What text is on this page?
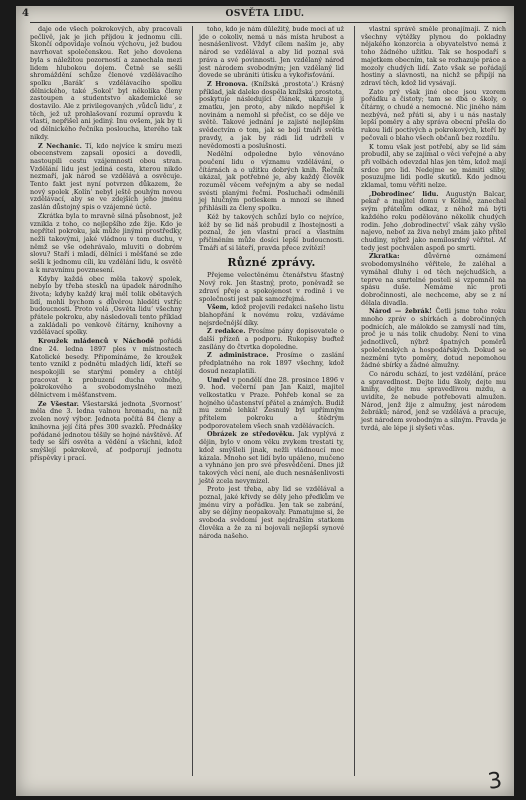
4	OSVĚTA LIDU.

daje ode všech pokrokových, aby pracovali pečlivě, jak je jich příjdou k jednomu cíli. Skončí odpovídaje volnou výchovu, jež budou navrhovat společenskou. Ret jeho dovolena byla s náležitou pozorností a zanechala mezi lidem hlubokou dojem. Četně se sešli shromáždění schůze členové vzdělávacího spolku ‚Barák‘ s vzdělávacího spolku dělnického, také ‚Sokol‘ byl několika členy zastoupen a studentstvo akademické se dostavilo. Ale z privilegovaných ‚vůdců lidu‘, z těch, jež už prohlašovaní rozumí opravdu k vlasti, nepřišel ani jediný. Inu ovšem, jak by ti od dělnického řečníka posloucha, kterého tak nikdy.

Z Nechanic. Tí, kdo nejvíce k smíru mezi obecenstvem zapsali oposici a dovedli, nastoupili cestu vzájemnosti obou stran. Vzdělání lidu jest jediná cesta, kterou nikdo nezmaří, jak národ se vzdělává a osvěcuje. Tento fakt jest nyní potvrzen důkazem, že nový spolek ‚Kolín‘ nebyl ještě pouhým novou vzdělávací, aby se ve zdejších jeho jménu zaslán důstojný spis o vzájemné úctě.

Zkrátka byla to mravně silná působnost, jež vznikla z toho, co nejlepšího zde žije. Kdo je nepřítel pokroku, jak může jinými prostředky, nežli takovými, jaké vládnou v tom duchu, v němž se vše odehrávalo, mluviti o dobrém slovu? Staří i mladí, dělníci i měšťané se zde sešli k jednomu cíli, ku vzdělání lidu, k osvětě a k mravnímu povznesení.

Kdyby každá obec měla takový spolek, nebylo by třeba stesků na úpadek národního života; kdyby každý kraj měl tolik obětavých lidí, mohli bychom s důvěrou hleděti vstříc budoucnosti. Proto volá ‚Osvěta lidu‘ všechny přátele pokroku, aby následovali tento příklad a zakládali po venkově čítárny, knihovny a vzdělávací spolky.

Kroužek mládenců v Náchodě pořádá dne 24. ledna 1897 ples v místnostech Katolické besedy. Připomínáme, že kroužek tento vznikl z podnětu mladých lidí, kteří se nespokojili se starými poměry a chtějí pracovat k probuzení ducha volného, pokrokového a svobodomyslného mezi dělnictvem i měšťanstvem.

Ze Všestar. Všestarská jednota ‚Svornost‘ měla dne 3. ledna valnou hromadu, na níž zvolen nový výbor. Jednota počítá 84 členy a knihovna její čítá přes 300 svazků. Přednášky pořádané jednotou těšily se hojné návštěvě. Ať tedy se šíří osvěta a vědění a všichni, kdož smýšlejí pokrokově, ať podporují jednotu příspěvky i prací.

toho, kdo je nám důležitý, bude moci ať už jde o cokoliv, nemá u nás místa hrubost a nesnášenlivost. Vždyť cílem naším je, aby národ se vzdělával a aby lid poznal svá práva a své povinnosti. Jen vzdělaný národ jest národem svobodným; jen vzdělaný lid dovede se ubrániti útisku a vykořisťování.

Z Hronova. (Knížská ‚prostota‘.) Krásný příklad, jak daleko dospěla knížská prostota, poskytuje následující článek, ukazuje jí zmatku, jen proto, aby nikdo nepřišel k novinám a nemohl si přečíst, co se děje ve světě. Takové jednání je zajisté nejlepším svědectvím o tom, jak se bojí tmáři světla pravdy, a jak by rádi lid udrželi v nevědomosti a poslušnosti.

Nedělní odpoledne bylo věnováno poučení lidu o významu vzdělávání, o čítárnách a o užitku dobrých knih. Řečník ukázal, jak potřebné je, aby každý člověk rozuměl věcem veřejným a aby se nedal svésti planými řečmi. Posluchači odměnili jej hlučným potleskem a mnozí se ihned přihlásili za členy spolku.

Kéž by takových schůzí bylo co nejvíce, kéž by se lid náš probudil z lhostejnosti a poznal, že jen vlastní prací a vlastním přičiněním může dosíci lepší budoucnosti. Tmáři ať si láteří, pravda přece zvítězí!

Různé zprávy.

Přejeme velectěnému čtenářstvu šťastný Nový rok. Jen štastný, proto, poněvadž se zdraví přeje a spokojenost v rodině i ve společnosti jest pak samozřejmá.

Všem, kdož projevili redakci našeho listu blahopřání k novému roku, vzdáváme nejsrdečnější díky.

Z redakce. Prosíme pány dopisovatele o další přízeň a podporu. Rukopisy buďtež zasílány do čtvrtka dopoledne.

Z administrace. Prosíme o zaslání předplatného na rok 1897 všechny, kdož dosud nezaplatili.

Umřel v pondělí dne 28. prosince 1896 v 9. hod. večerní pan Jan Kaizl, majitel velkostatku v Praze. Pohřeb konal se za hojného účastenství přátel a známých. Budiž mu země lehká! Zesnulý byl upřímným přítelem pokroku a štědrým podporovatelem všech snah vzdělávacích.

Obrázek ze středověku. Jak vyplývá z dějin, bylo v onom věku zvykem trestati ty, kdož smýšleli jinak, nežli vládnoucí moc kázala. Mnoho set lidí bylo upáleno, mučeno a vyhnáno jen pro své přesvědčení. Dnes již takových věcí není, ale duch nesnášenlivosti ještě zcela nevymizel.

Proto jest třeba, aby lid se vzdělával a poznal, jaké křivdy se děly jeho předkům ve jménu víry a pořádku. Jen tak se zabrání, aby se dějiny neopakovaly. Pamatujme si, že svoboda svědomí jest nejdražším statkem člověka a že za ni bojovali nejlepší synové národa našeho.

vlastní správě směle pronajímají. Z nich všechny výtěžky plynou do pokladny nějakého konzorcia a obyvatelstvo nemá z toho žádného užitku. Tak se hospodaří s majetkem obecním, tak se rozhazuje práce a mozoly chudých lidí. Zato však se pořádají hostiny a slavnosti, na nichž se připíjí na zdraví těch, kdož lid vysávají.

Zato prý však jiné obce jsou vzorem pořádku a čistoty; tam se dbá o školy, o čítárny, o chudé a nemocné. Nic jiného nám nezbývá, než přáti si, aby i u nás nastaly lepší poměry a aby správa obecní přešla do rukou lidí poctivých a pokrokových, kteří by pečovali o blaho všech občanů bez rozdílu.

K tomu však jest potřebí, aby se lid sám probudil, aby se zajímal o věci veřejné a aby při volbách odevzdal hlas jen těm, kdož mají srdce pro lid. Nedejme se mámiti sliby, posuzujme lidi podle skutků. Kdo jednou zklamal, tomu věřiti nelze.

‚Dobrodinec‘ lidu. Augustýn Balcar, pekař a majitel domu v Kolíně, zanechal svým přátelům odkaz, z něhož má býti každého roku podělováno několik chudých rodin. Jeho ‚dobrodinectví‘ však záhy vyšlo najevo, neboť za živa nebyl znám jako přítel chudiny, nýbrž jako nemilosrdný věřitel. Ať tedy jest pochválen aspoň po smrti.

Zkratka:	důvěrné oznámení svobodomyslného věřitele, že zaléhal a vymáhal dluhy i od těch nejchudších, a teprve na smrtelné posteli si vzpomněl na spásu duše. Nemáme nic proti dobročinnosti, ale nechceme, aby se z ní dělala divadla.

Národ — žebrák! Četli jsme toho roku mnoho zpráv o sbírkách a dobročinných podnicích, ale málokdo se zamyslí nad tím, proč je u nás tolik chudoby. Není to vina jednotlivců, nýbrž špatných poměrů společenských a hospodářských. Dokud se nezmění tyto poměry, dotud nepomohou žádné sbírky a žádné almužny.

Co národu schází, to jest vzdělání, práce a spravedlnost. Dejte lidu školy, dejte mu knihy, dejte mu spravedlivou mzdu, a uvidíte, že nebude potřebovati almužen. Národ, jenž žije z almužny, jest národem žebráků; národ, jenž se vzdělává a pracuje, jest národem svobodným a silným. Pravda je tvrdá, ale lépe ji slyšeti včas.

3
